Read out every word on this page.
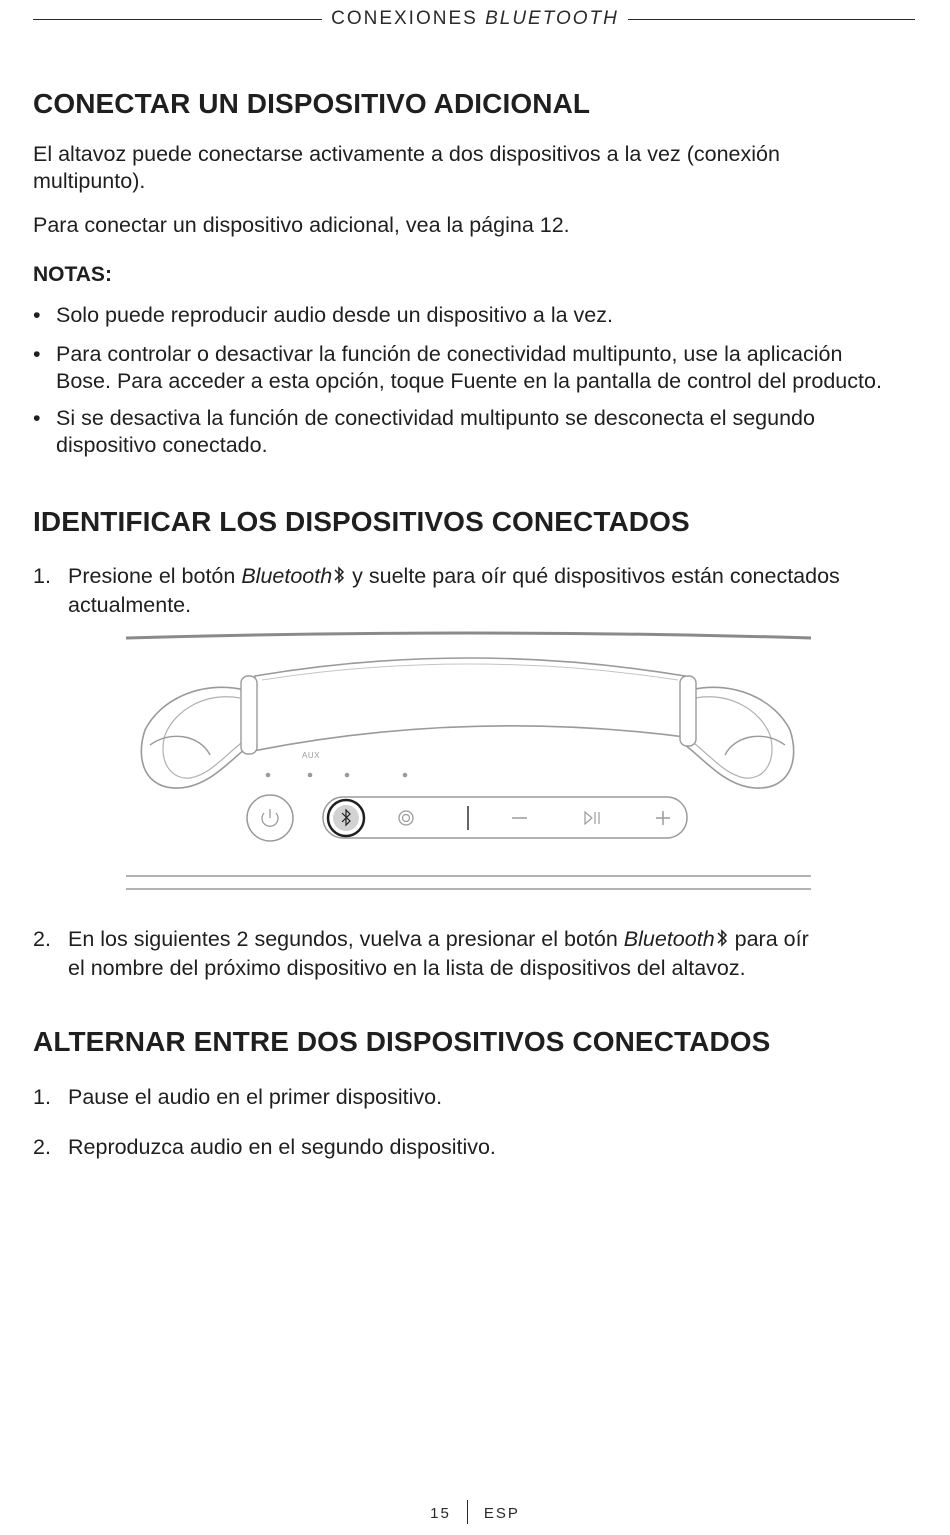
CONEXIONES BLUETOOTH
CONECTAR UN DISPOSITIVO ADICIONAL

El altavoz puede conectarse activamente a dos dispositivos a la vez (conexión

multipunto).

Para conectar un dispositivo adicional, vea la página 12.

NOTAS:
• Solo puede reproducir audio desde un dispositivo a la vez.
• Para controlar o desactivar la función de conectividad multipunto, use la aplicación
Bose. Para acceder a esta opción, toque Fuente en la pantalla de control del producto.
• Si se desactiva la función de conectividad multipunto se desconecta el segundo
dispositivo conectado.
IDENTIFICAR LOS DISPOSITIVOS CONECTADOS
1. Presione el botón Bluetooth y suelte para oír qué dispositivos están conectados
actualmente.
AUX
2. En los siguientes 2 segundos, vuelva a presionar el botón Bluetooth para oír
el nombre del próximo dispositivo en la lista de dispositivos del altavoz.
ALTERNAR ENTRE DOS DISPOSITIVOS CONECTADOS
1. Pause el audio en el primer dispositivo.
2. Reproduzca audio en el segundo dispositivo.
15 ESP
